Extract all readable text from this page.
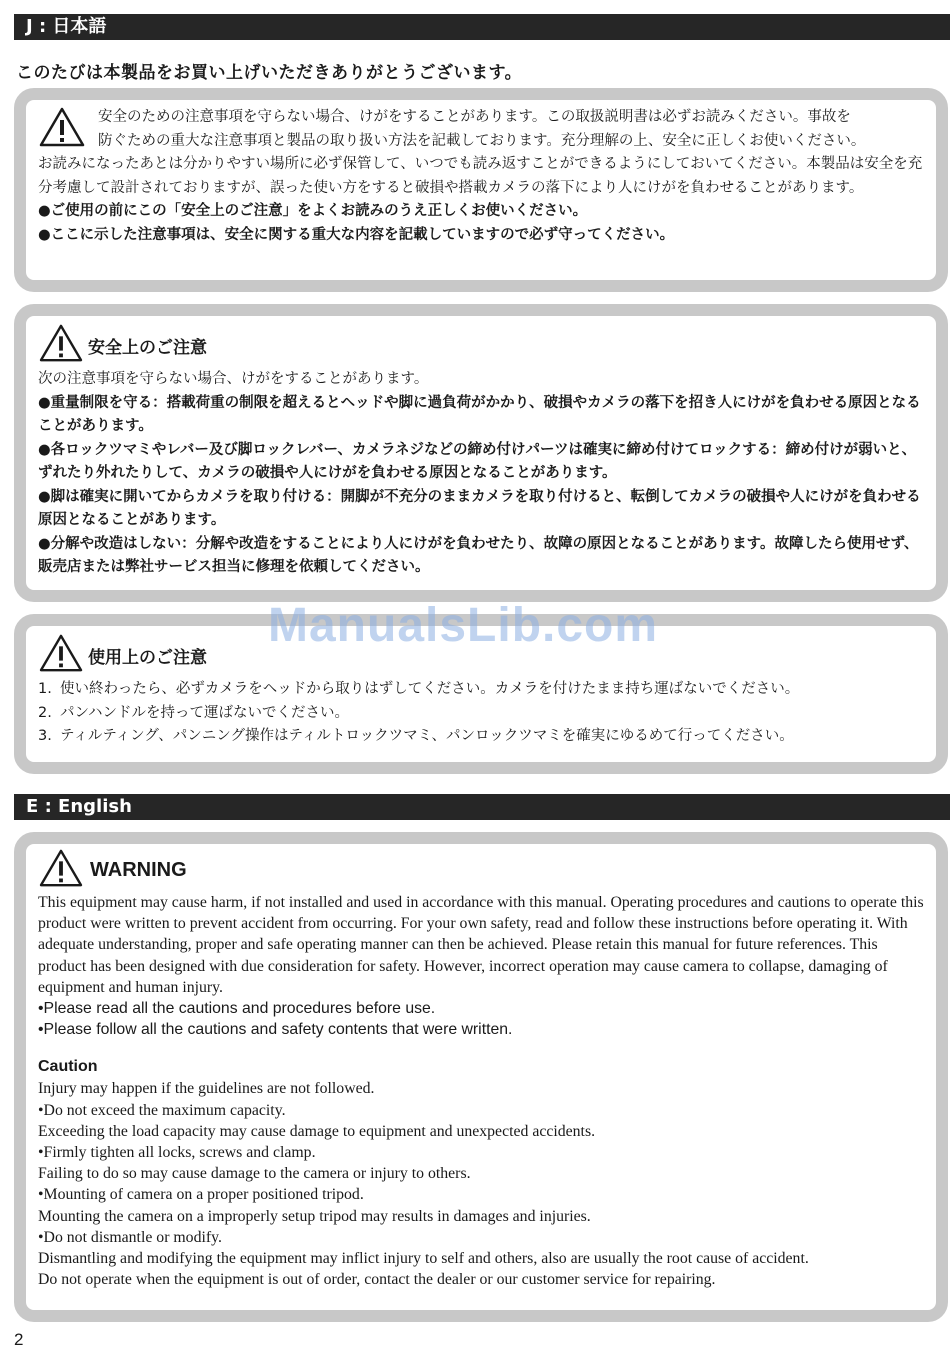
J : 日本語
このたびは本製品をお買い上げいただきありがとうございます。

安全のための注意事項を守らない場合、けがをすることがあります。この取扱説明書は必ずお読みください。事故を

防ぐための重大な注意事項と製品の取り扱い方法を記載しております。充分理解の上、安全に正しくお使いください。

お読みになったあとは分かりやすい場所に必ず保管して、いつでも読み返すことができるようにしておいてください。本製品は安全を充分考慮して設計されておりますが、誤った使い方をすると破損や搭載カメラの落下により人にけがを負わせることがあります。

●ご使用の前にこの「安全上のご注意」をよくお読みのうえ正しくお使いください。

●ここに示した注意事項は、安全に関する重大な内容を記載していますので必ず守ってください。

安全上のご注意

次の注意事項を守らない場合、けがをすることがあります。

●重量制限を守る：搭載荷重の制限を超えるとヘッドや脚に過負荷がかかり、破損やカメラの落下を招き人にけがを負わせる原因となることがあります。

●各ロックツマミやレバー及び脚ロックレバー、カメラネジなどの締め付けパーツは確実に締め付けてロックする：締め付けが弱いと、ずれたり外れたりして、カメラの破損や人にけがを負わせる原因となることがあります。

●脚は確実に開いてからカメラを取り付ける：開脚が不充分のままカメラを取り付けると、転倒してカメラの破損や人にけがを負わせる原因となることがあります。

●分解や改造はしない：分解や改造をすることにより人にけがを負わせたり、故障の原因となることがあります。故障したら使用せず、販売店または弊社サービス担当に修理を依頼してください。

使用上のご注意
1. 使い終わったら、必ずカメラをヘッドから取りはずしてください。カメラを付けたまま持ち運ばないでください。
2. パンハンドルを持って運ばないでください。
3. ティルティング、パンニング操作はティルトロックツマミ、パンロックツマミを確実にゆるめて行ってください。
ManualsLib.com
E : English
WARNING

This equipment may cause harm, if not installed and used in accordance with this manual. Operating procedures and cautions to operate this product were written to prevent accident from occurring. For your own safety, read and follow these instructions before operating it. With adequate understanding, proper and safe operating manner can then be achieved. Please retain this manual for future references. This product has been designed with due consideration for safety. However, incorrect operation may cause camera to collapse, damaging of equipment and human injury.

•Please read all the cautions and procedures before use.

•Please follow all the cautions and safety contents that were written.

Caution

Injury may happen if the guidelines are not followed.

•Do not exceed the maximum capacity.

Exceeding the load capacity may cause damage to equipment and unexpected accidents.

•Firmly tighten all locks, screws and clamp.

Failing to do so may cause damage to the camera or injury to others.

•Mounting of camera on a proper positioned tripod.

Mounting the camera on a improperly setup tripod may results in damages and injuries.

•Do not dismantle or modify.

Dismantling and modifying the equipment may inflict injury to self and others, also are usually the root cause of accident.

Do not operate when the equipment is out of order, contact the dealer or our customer service for repairing.

2
